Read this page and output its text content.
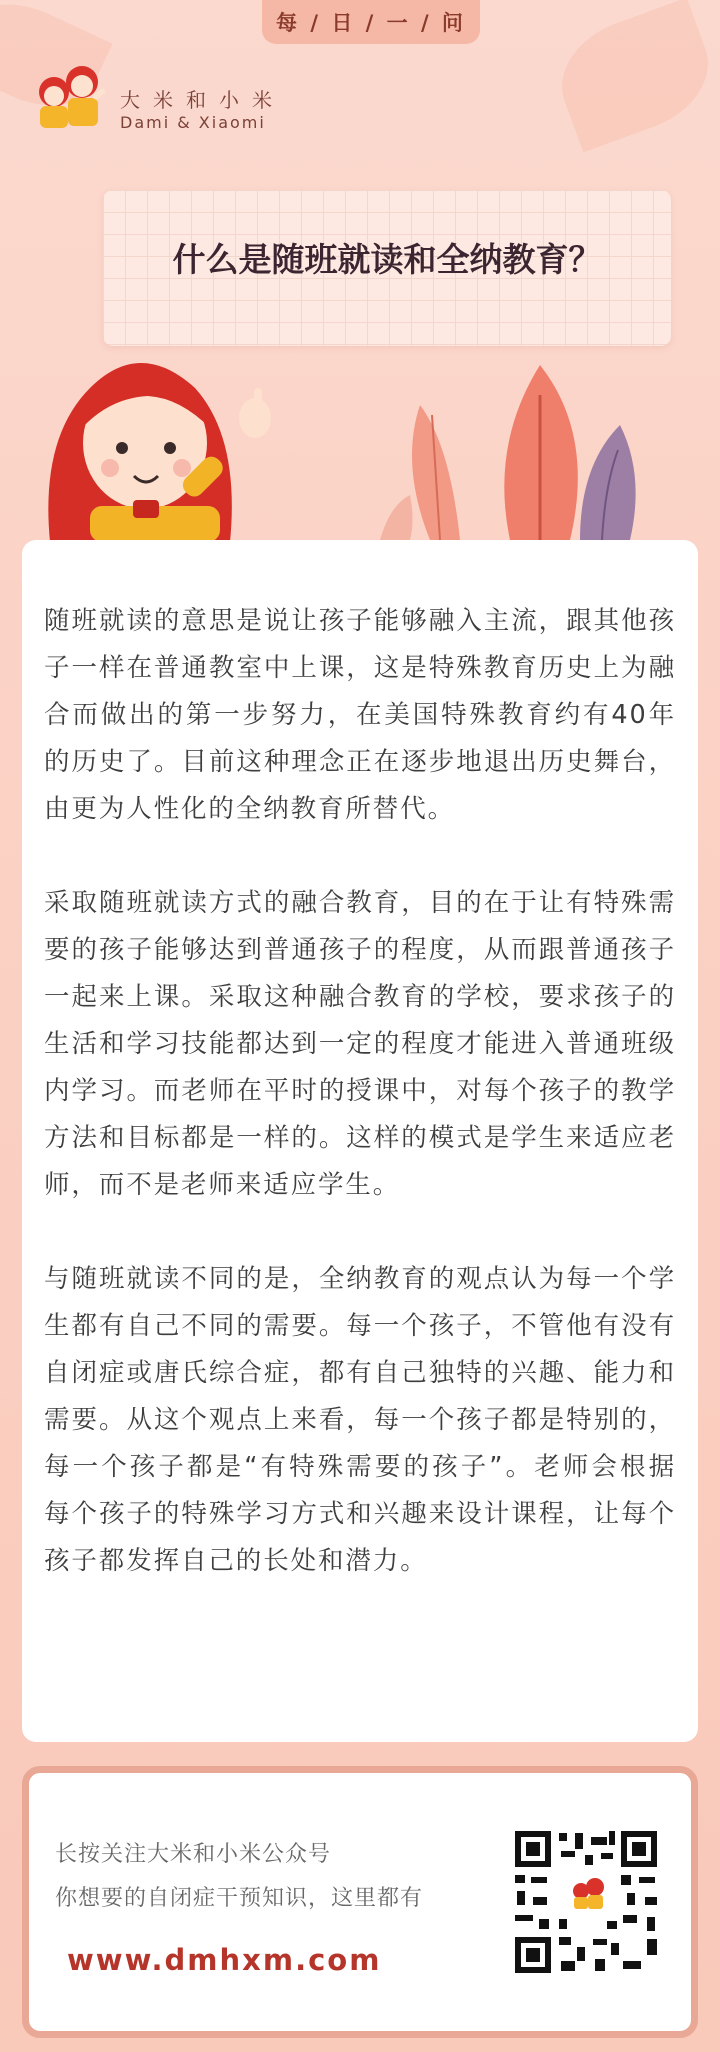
每 / 日 / 一 / 问
大米和小米
Dami & Xiaomi
什么是随班就读和全纳教育？

随班就读的意思是说让孩子能够融入主流，跟其他孩子一样在普通教室中上课，这是特殊教育历史上为融合而做出的第一步努力，在美国特殊教育约有40年的历史了。目前这种理念正在逐步地退出历史舞台，由更为人性化的全纳教育所替代。

采取随班就读方式的融合教育，目的在于让有特殊需要的孩子能够达到普通孩子的程度，从而跟普通孩子一起来上课。采取这种融合教育的学校，要求孩子的生活和学习技能都达到一定的程度才能进入普通班级内学习。而老师在平时的授课中，对每个孩子的教学方法和目标都是一样的。这样的模式是学生来适应老师，而不是老师来适应学生。

与随班就读不同的是，全纳教育的观点认为每一个学生都有自己不同的需要。每一个孩子，不管他有没有自闭症或唐氏综合症，都有自己独特的兴趣、能力和需要。从这个观点上来看，每一个孩子都是特别的，每一个孩子都是“有特殊需要的孩子”。老师会根据每个孩子的特殊学习方式和兴趣来设计课程，让每个孩子都发挥自己的长处和潜力。

长按关注大米和小米公众号
你想要的自闭症干预知识，这里都有
www.dmhxm.com
